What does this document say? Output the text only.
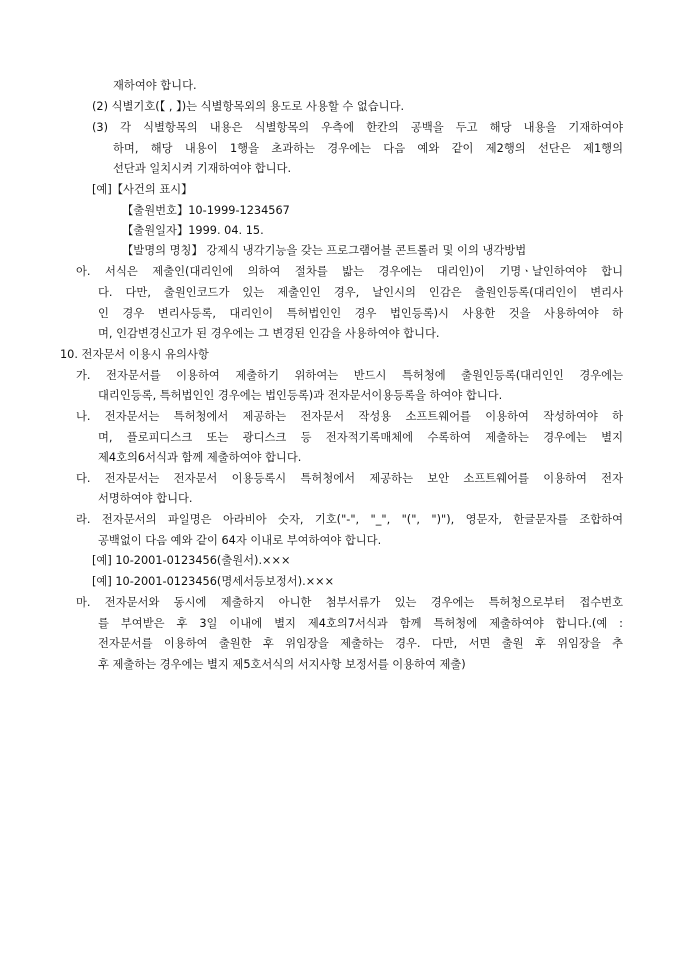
재하여야 합니다.
(2) 식별기호(【 , 】)는 식별항목외의 용도로 사용할 수 없습니다.
(3) 각 식별항목의 내용은 식별항목의 우측에 한칸의 공백을 두고 해당 내용을 기재하여야
하며, 해당 내용이 1행을 초과하는 경우에는 다음 예와 같이 제2행의 선단은 제1행의
선단과 일치시켜 기재하여야 합니다.
[예]【사건의 표시】
【출원번호】10-1999-1234567
【출원일자】1999. 04. 15.
【발명의 명칭】 강제식 냉각기능을 갖는 프로그램어블 콘트롤러 및 이의 냉각방법
아. 서식은 제출인(대리인에 의하여 절차를 밟는 경우에는 대리인)이 기명ㆍ날인하여야 합니
다. 다만, 출원인코드가 있는 제출인인 경우, 날인시의 인감은 출원인등록(대리인이 변리사
인 경우 변리사등록, 대리인이 특허법인인 경우 법인등록)시 사용한 것을 사용하여야 하
며, 인감변경신고가 된 경우에는 그 변경된 인감을 사용하여야 합니다.
10. 전자문서 이용시 유의사항
가. 전자문서를 이용하여 제출하기 위하여는 반드시 특허청에 출원인등록(대리인인 경우에는
대리인등록, 특허법인인 경우에는 법인등록)과 전자문서이용등록을 하여야 합니다.
나. 전자문서는 특허청에서 제공하는 전자문서 작성용 소프트웨어를 이용하여 작성하여야 하
며, 플로피디스크 또는 광디스크 등 전자적기록매체에 수록하여 제출하는 경우에는 별지
제4호의6서식과 함께 제출하여야 합니다.
다. 전자문서는 전자문서 이용등록시 특허청에서 제공하는 보안 소프트웨어를 이용하여 전자
서명하여야 합니다.
라. 전자문서의 파일명은 아라비아 숫자, 기호("-", "_", "(", ")"), 영문자, 한글문자를 조합하여
공백없이 다음 예와 같이 64자 이내로 부여하여야 합니다.
[예] 10-2001-0123456(출원서).×××
[예] 10-2001-0123456(명세서등보정서).×××
마. 전자문서와 동시에 제출하지 아니한 첨부서류가 있는 경우에는 특허청으로부터 접수번호
를 부여받은 후 3일 이내에 별지 제4호의7서식과 함께 특허청에 제출하여야 합니다.(예 :
전자문서를 이용하여 출원한 후 위임장을 제출하는 경우. 다만, 서면 출원 후 위임장을 추
후 제출하는 경우에는 별지 제5호서식의 서지사항 보정서를 이용하여 제출)
